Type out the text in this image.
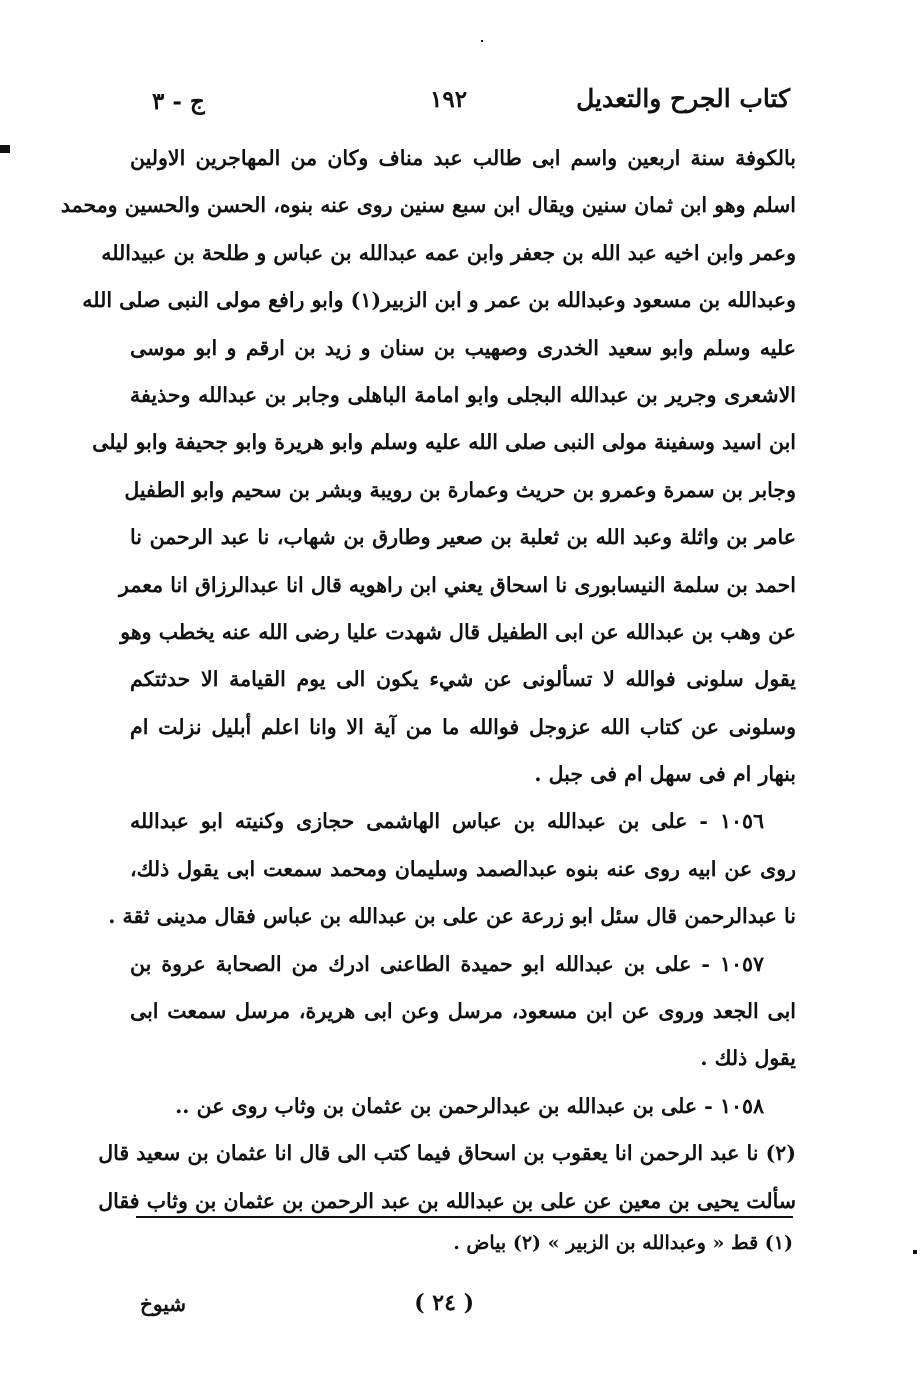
كتاب الجرح والتعديل
١٩٢
ج - ٣
بالكوفة سنة اربعين واسم ابى طالب عبد مناف وكان من المهاجرين الاولين
اسلم وهو ابن ثمان سنين ويقال ابن سبع سنين روى عنه بنوه، الحسن والحسين ومحمد
وعمر وابن اخيه عبد الله بن جعفر وابن عمه عبدالله بن عباس و طلحة بن عبيدالله
وعبدالله بن مسعود وعبدالله بن عمر و ابن الزبير(١) وابو رافع مولى النبى صلى الله
عليه وسلم وابو سعيد الخدرى وصهيب بن سنان و زيد بن ارقم و ابو موسى
الاشعرى وجرير بن عبدالله البجلى وابو امامة الباهلى وجابر بن عبدالله وحذيفة
ابن اسيد وسفينة مولى النبى صلى الله عليه وسلم وابو هريرة وابو جحيفة وابو ليلى
وجابر بن سمرة وعمرو بن حريث وعمارة بن رويبة وبشر بن سحيم وابو الطفيل
عامر بن واثلة وعبد الله بن ثعلبة بن صعير وطارق بن شهاب، نا عبد الرحمن نا
احمد بن سلمة النيسابورى نا اسحاق يعني ابن راهويه قال انا عبدالرزاق انا معمر
عن وهب بن عبدالله عن ابى الطفيل قال شهدت عليا رضى الله عنه يخطب وهو
يقول سلونى فوالله لا تسألونى عن شيء يكون الى يوم القيامة الا حدثتكم
وسلونى عن كتاب الله عزوجل فوالله ما من آية الا وانا اعلم أبليل نزلت ام
بنهار ام فى سهل ام فى جبل .
١٠٥٦ - على بن عبدالله بن عباس الهاشمى حجازى وكنيته ابو عبدالله
روى عن ابيه روى عنه بنوه عبدالصمد وسليمان ومحمد سمعت ابى يقول ذلك،
نا عبدالرحمن قال سئل ابو زرعة عن على بن عبدالله بن عباس فقال مدينى ثقة .
١٠٥٧ - على بن عبدالله ابو حميدة الطاعنى ادرك من الصحابة عروة بن
ابى الجعد وروى عن ابن مسعود، مرسل وعن ابى هريرة، مرسل سمعت ابى
يقول ذلك .
١٠٥٨ - على بن عبدالله بن عبدالرحمن بن عثمان بن وثاب روى عن ..
(٢) نا عبد الرحمن انا يعقوب بن اسحاق فيما كتب الى قال انا عثمان بن سعيد قال
سألت يحيى بن معين عن على بن عبدالله بن عبد الرحمن بن عثمان بن وثاب فقال
(١) قط « وعبدالله بن الزبير » (٢) بياض .
( ٢٤ )
شيوخ
